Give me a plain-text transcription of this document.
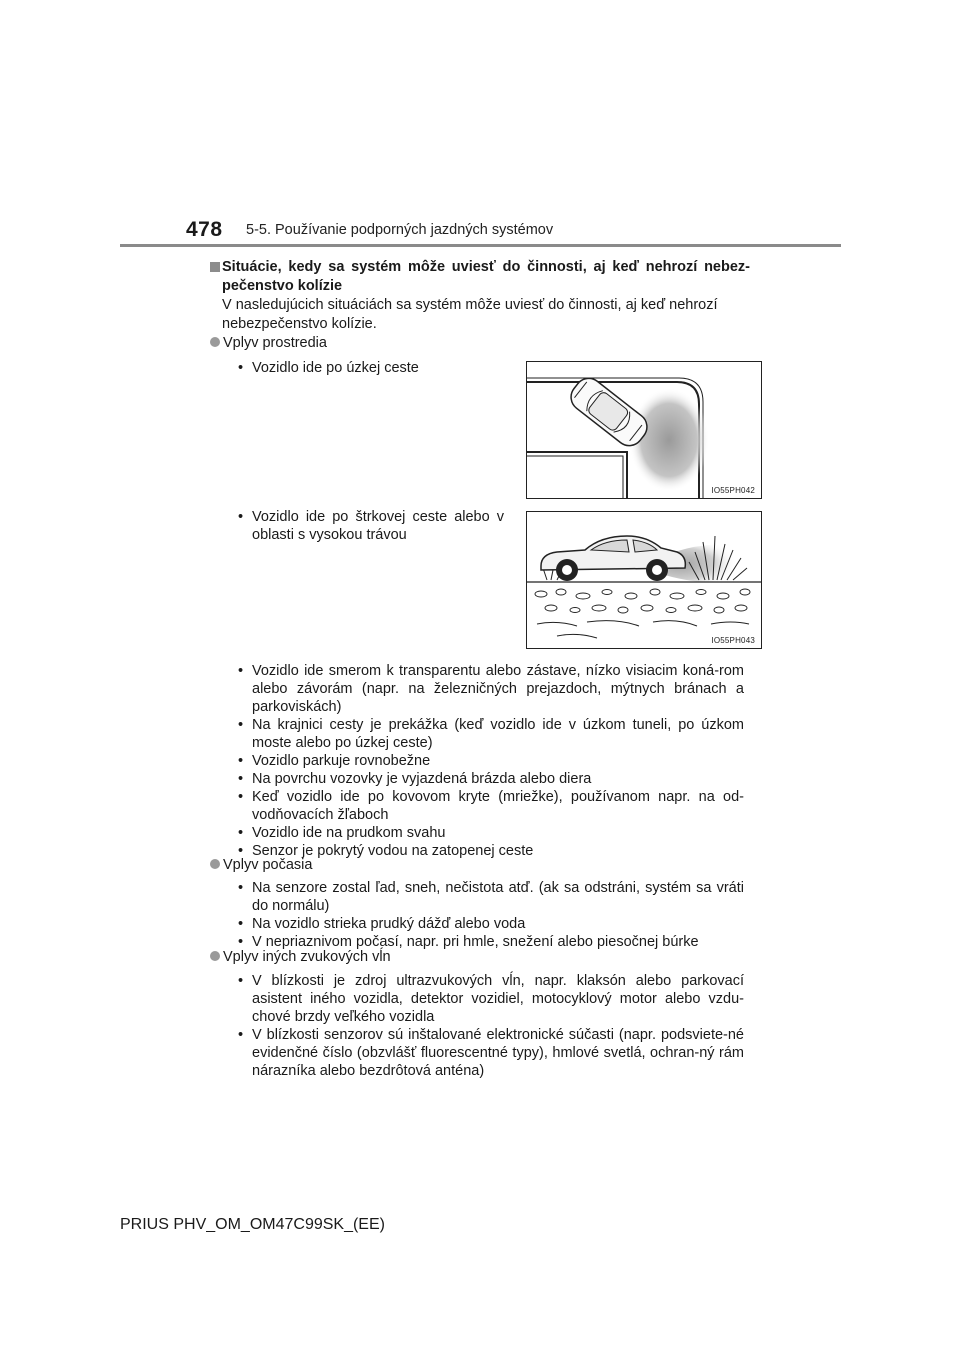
478 5-5. Používanie podporných jazdných systémov
Situácie, kedy sa systém môže uviesť do činnosti, aj keď nehrozí nebez-pečenstvo kolízie
V nasledujúcich situáciách sa systém môže uviesť do činnosti, aj keď nehrozí nebezpečenstvo kolízie.
Vplyv prostredia
• Vozidlo ide po úzkej ceste
• Vozidlo ide po štrkovej ceste alebo v oblasti s vysokou trávou
• Vozidlo ide smerom k transparentu alebo zástave, nízko visiacim koná-rom alebo závorám (napr. na železničných prejazdoch, mýtnych bránach a parkoviskách)
• Na krajnici cesty je prekážka (keď vozidlo ide v úzkom tuneli, po úzkom moste alebo po úzkej ceste)
• Vozidlo parkuje rovnobežne
• Na povrchu vozovky je vyjazdená brázda alebo diera
• Keď vozidlo ide po kovovom kryte (mriežke), používanom napr. na od-vodňovacích žľaboch
• Vozidlo ide na prudkom svahu
• Senzor je pokrytý vodou na zatopenej ceste
Vplyv počasia
• Na senzore zostal ľad, sneh, nečistota atď. (ak sa odstráni, systém sa vráti do normálu)
• Na vozidlo strieka prudký dážď alebo voda
• V nepriaznivom počasí, napr. pri hmle, snežení alebo piesočnej búrke
Vplyv iných zvukových vĺn
• V blízkosti je zdroj ultrazvukových vĺn, napr. klaksón alebo parkovací asistent iného vozidla, detektor vozidiel, motocyklový motor alebo vzdu-chové brzdy veľkého vozidla
• V blízkosti senzorov sú inštalované elektronické súčasti (napr. podsviete-né evidenčné číslo (obzvlášť fluorescentné typy), hmlové svetlá, ochran-ný rám nárazníka alebo bezdrôtová anténa)
IO55PH042
IO55PH043
PRIUS PHV_OM_OM47C99SK_(EE)
